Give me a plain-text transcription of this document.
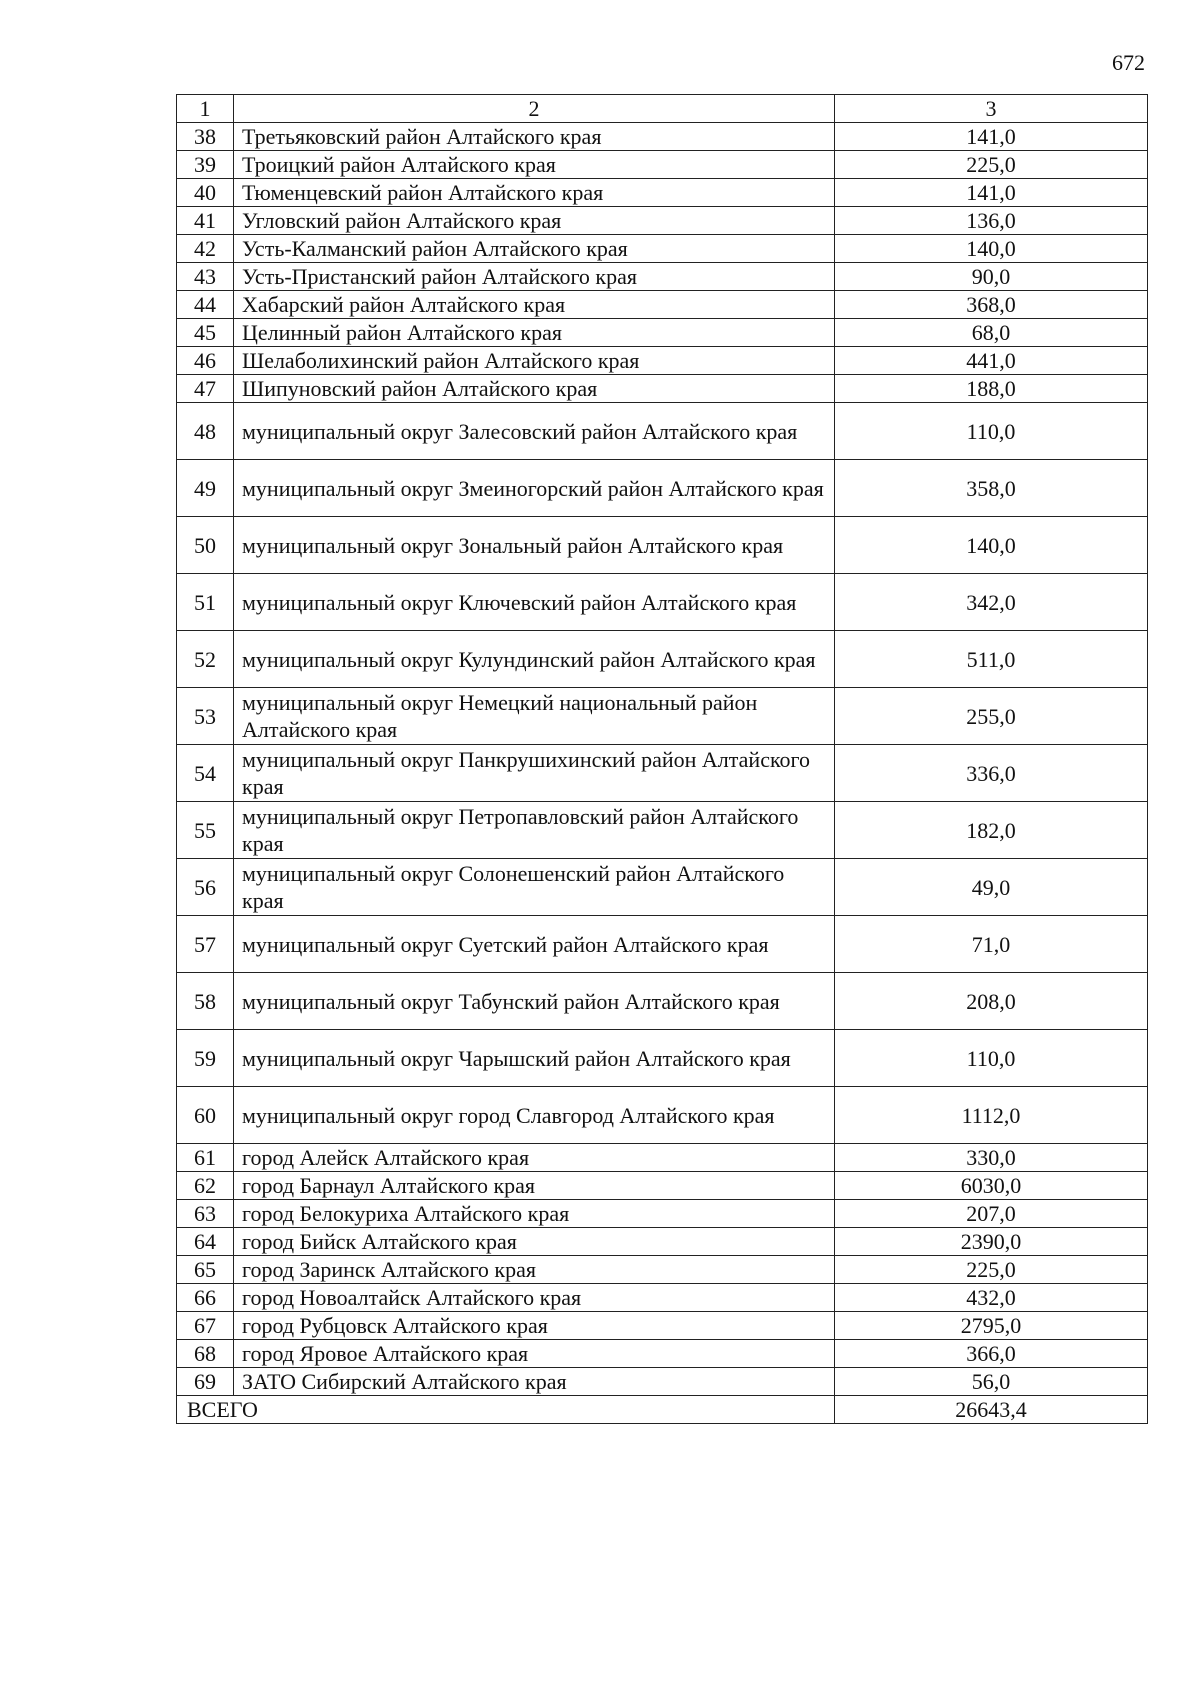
672
1	2	3
38	Третьяковский район Алтайского края	141,0
39	Троицкий район Алтайского края	225,0
40	Тюменцевский район Алтайского края	141,0
41	Угловский район Алтайского края	136,0
42	Усть-Калманский район Алтайского края	140,0
43	Усть-Пристанский район Алтайского края	90,0
44	Хабарский район Алтайского края	368,0
45	Целинный район Алтайского края	68,0
46	Шелаболихинский район Алтайского края	441,0
47	Шипуновский район Алтайского края	188,0
48	муниципальный округ Залесовский район Алтайского края	110,0
49	муниципальный округ Змеиногорский район Алтайского края	358,0
50	муниципальный округ Зональный район Алтайского края	140,0
51	муниципальный округ Ключевский район Алтайского края	342,0
52	муниципальный округ Кулундинский район Алтайского края	511,0
53	муниципальный округ Немецкий национальный район Алтайского края	255,0
54	муниципальный округ Панкрушихинский район Алтайского края	336,0
55	муниципальный округ Петропавловский район Алтайского края	182,0
56	муниципальный округ Солонешенский район Алтайского края	49,0
57	муниципальный округ Суетский район Алтайского края	71,0
58	муниципальный округ Табунский район Алтайского края	208,0
59	муниципальный округ Чарышский район Алтайского края	110,0
60	муниципальный округ город Славгород Алтайского края	1112,0
61	город Алейск Алтайского края	330,0
62	город Барнаул Алтайского края	6030,0
63	город Белокуриха Алтайского края	207,0
64	город Бийск Алтайского края	2390,0
65	город Заринск Алтайского края	225,0
66	город Новоалтайск Алтайского края	432,0
67	город Рубцовск Алтайского края	2795,0
68	город Яровое Алтайского края	366,0
69	ЗАТО Сибирский Алтайского края	56,0
ВСЕГО		26643,4
